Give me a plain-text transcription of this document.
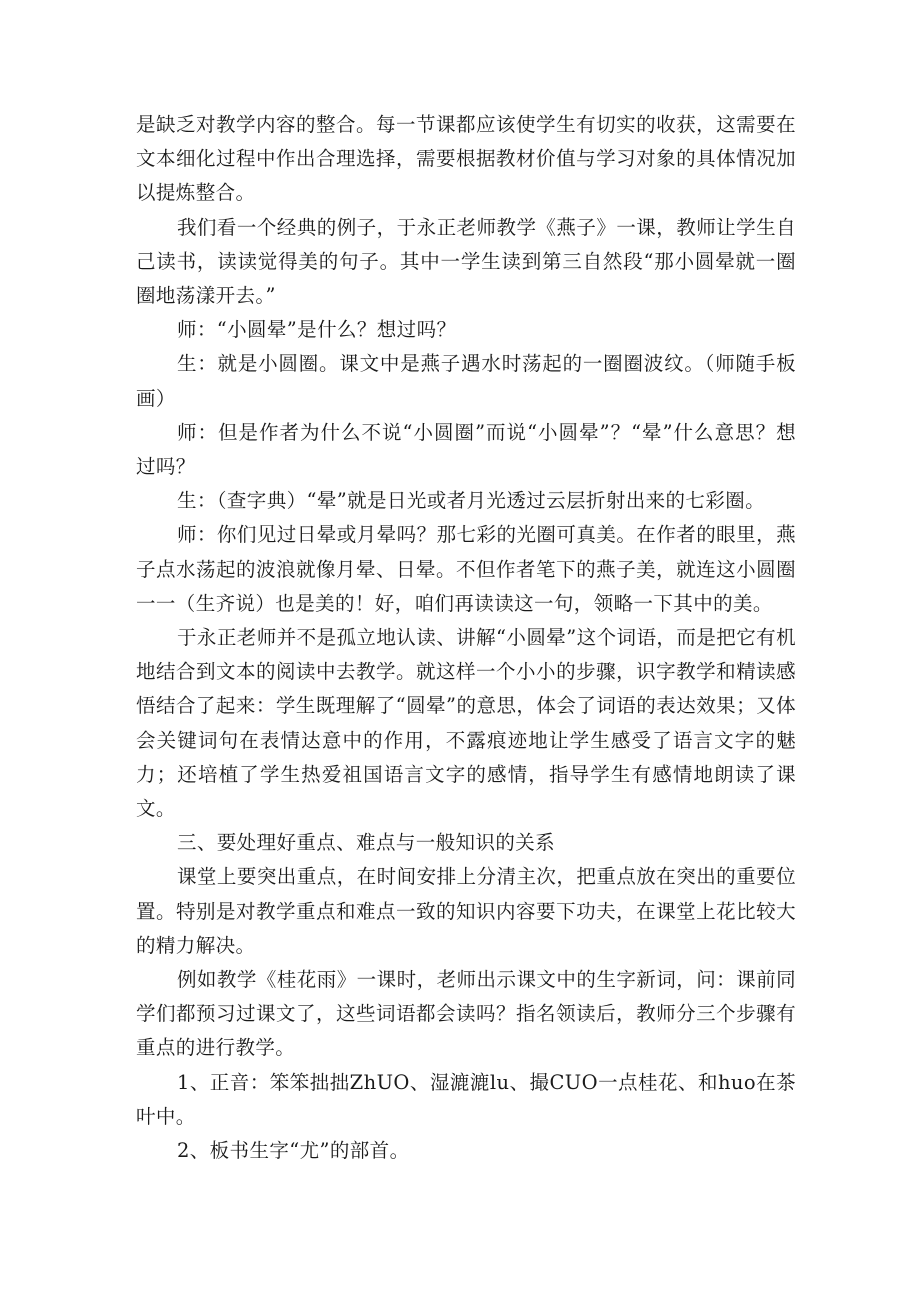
是缺乏对教学内容的整合。每一节课都应该使学生有切实的收获，这需要在文本细化过程中作出合理选择，需要根据教材价值与学习对象的具体情况加以提炼整合。

我们看一个经典的例子，于永正老师教学《燕子》一课，教师让学生自己读书，读读觉得美的句子。其中一学生读到第三自然段“那小圆晕就一圈圈地荡漾开去。”

师：“小圆晕”是什么？想过吗？

生：就是小圆圈。课文中是燕子遇水时荡起的一圈圈波纹。（师随手板画）

师：但是作者为什么不说“小圆圈”而说“小圆晕”？“晕”什么意思？想过吗？

生：（查字典）“晕”就是日光或者月光透过云层折射出来的七彩圈。

师：你们见过日晕或月晕吗？那七彩的光圈可真美。在作者的眼里，燕子点水荡起的波浪就像月晕、日晕。不但作者笔下的燕子美，就连这小圆圈一一（生齐说）也是美的！好，咱们再读读这一句，领略一下其中的美。

于永正老师并不是孤立地认读、讲解“小圆晕”这个词语，而是把它有机地结合到文本的阅读中去教学。就这样一个小小的步骤，识字教学和精读感悟结合了起来：学生既理解了“圆晕”的意思，体会了词语的表达效果；又体会关键词句在表情达意中的作用，不露痕迹地让学生感受了语言文字的魅力；还培植了学生热爱祖国语言文字的感情，指导学生有感情地朗读了课文。

三、要处理好重点、难点与一般知识的关系

课堂上要突出重点，在时间安排上分清主次，把重点放在突出的重要位置。特别是对教学重点和难点一致的知识内容要下功夫，在课堂上花比较大的精力解决。

例如教学《桂花雨》一课时，老师出示课文中的生字新词，问：课前同学们都预习过课文了，这些词语都会读吗？指名领读后，教师分三个步骤有重点的进行教学。

1、正音：笨笨拙拙ZhUO、湿漉漉lu、撮CUO一点桂花、和huo在茶叶中。

2、板书生字“尤”的部首。
